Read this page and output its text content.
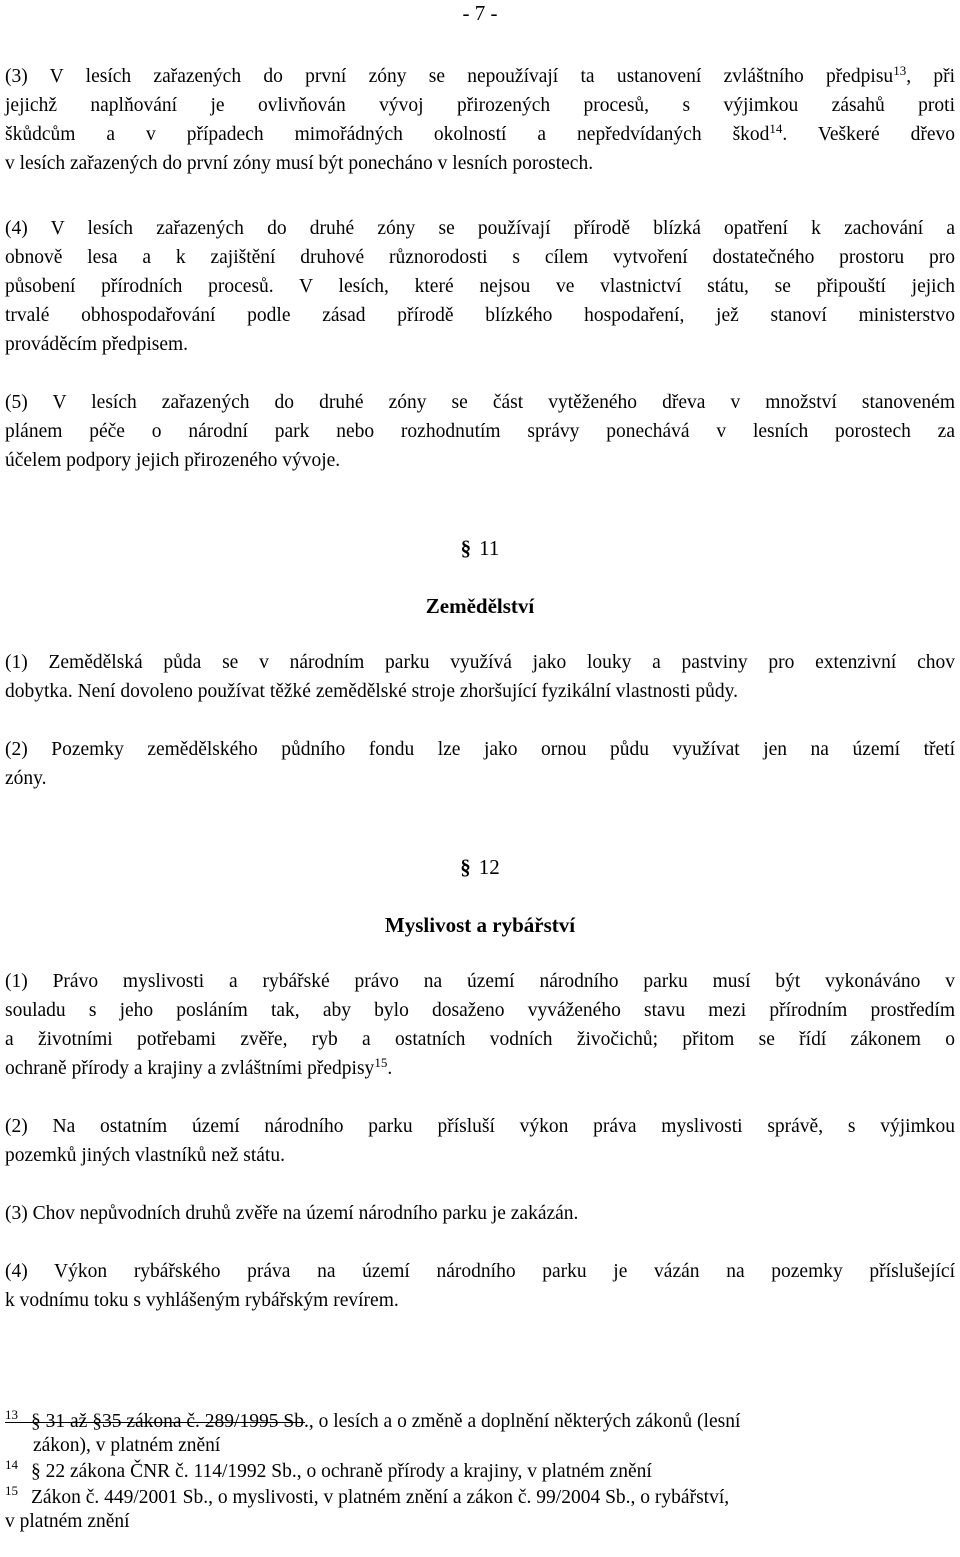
- 7 -

(3) V lesích zařazených do první zóny se nepoužívají ta ustanovení zvláštního předpisu$^{13}$, při
jejichž naplňování je ovlivňován vývoj přirozených procesů, s výjimkou zásahů proti
škůdcům a v případech mimořádných okolností a nepředvídaných škod$^{14}$. Veškeré dřevo
v lesích zařazených do první zóny musí být ponecháno v lesních porostech.

(4) V lesích zařazených do druhé zóny se používají přírodě blízká opatření k zachování a
obnově lesa a k zajištění druhové různorodosti s cílem vytvoření dostatečného prostoru pro
působení přírodních procesů. V lesích, které nejsou ve vlastnictví státu, se připouští jejich
trvalé obhospodařování podle zásad přírodě blízkého hospodaření, jež stanoví ministerstvo
prováděcím předpisem.

(5) V lesích zařazených do druhé zóny se část vytěženého dřeva v množství stanoveném
plánem péče o národní park nebo rozhodnutím správy ponechává v lesních porostech za
účelem podpory jejich přirozeného vývoje.

§ 11
Zemědělství

(1) Zemědělská půda se v národním parku využívá jako louky a pastviny pro extenzivní chov
dobytka. Není dovoleno používat těžké zemědělské stroje zhoršující fyzikální vlastnosti půdy.

(2) Pozemky zemědělského půdního fondu lze jako ornou půdu využívat jen na území třetí
zóny.

§ 12
Myslivost a rybářství

(1) Právo myslivosti a rybářské právo na území národního parku musí být vykonáváno v
souladu s jeho posláním tak, aby bylo dosaženo vyváženého stavu mezi přírodním prostředím
a životními potřebami zvěře, ryb a ostatních vodních živočichů; přitom se řídí zákonem o
ochraně přírody a krajiny a zvláštními předpisy$^{15}$.

(2) Na ostatním území národního parku přísluší výkon práva myslivosti správě, s výjimkou
pozemků jiných vlastníků než státu.

(3) Chov nepůvodních druhů zvěře na území národního parku je zakázán.

(4) Výkon rybářského práva na území národního parku je vázán na pozemky příslušející
k vodnímu toku s vyhlášeným rybářským revírem.

13 § 31 až §35 zákona č. 289/1995 Sb., o lesích a o změně a doplnění některých zákonů (lesní
zákon), v platném znění
14 § 22 zákona ČNR č. 114/1992 Sb., o ochraně přírody a krajiny, v platném znění
15 Zákon č. 449/2001 Sb., o myslivosti, v platném znění a zákon č. 99/2004 Sb., o rybářství,
v platném znění
